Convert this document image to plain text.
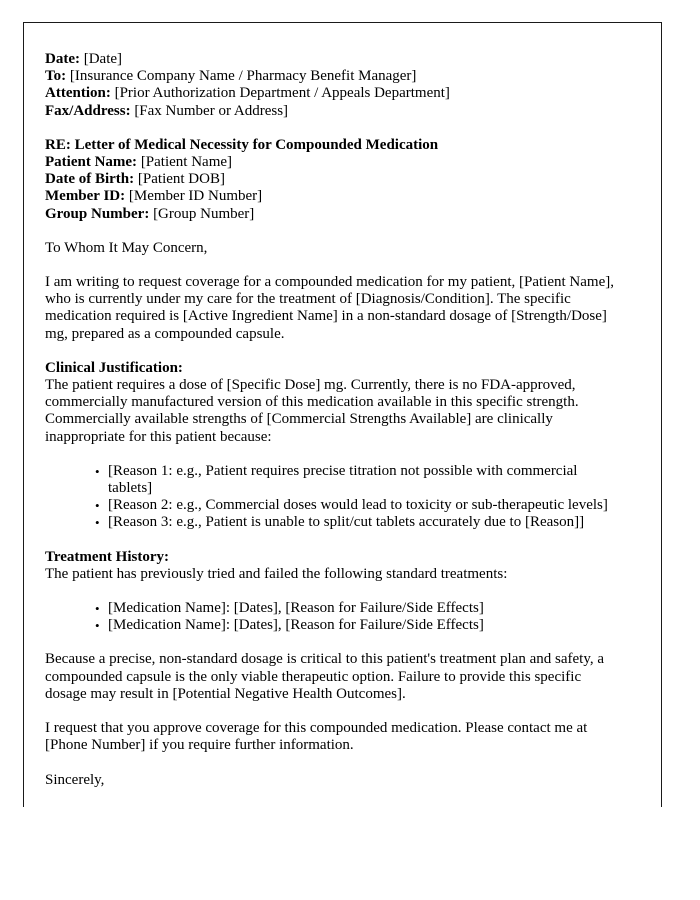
Date: [Date]
To: [Insurance Company Name / Pharmacy Benefit Manager]
Attention: [Prior Authorization Department / Appeals Department]
Fax/Address: [Fax Number or Address]
RE: Letter of Medical Necessity for Compounded Medication
Patient Name: [Patient Name]
Date of Birth: [Patient DOB]
Member ID: [Member ID Number]
Group Number: [Group Number]

To Whom It May Concern,

I am writing to request coverage for a compounded medication for my patient, [Patient Name], who is currently under my care for the treatment of [Diagnosis/Condition]. The specific medication required is [Active Ingredient Name] in a non-standard dosage of [Strength/Dose] mg, prepared as a compounded capsule.

Clinical Justification:

The patient requires a dose of [Specific Dose] mg. Currently, there is no FDA-approved, commercially manufactured version of this medication available in this specific strength. Commercially available strengths of [Commercial Strengths Available] are clinically inappropriate for this patient because:

• [Reason 1: e.g., Patient requires precise titration not possible with commercial tablets]
• [Reason 2: e.g., Commercial doses would lead to toxicity or sub-therapeutic levels]
• [Reason 3: e.g., Patient is unable to split/cut tablets accurately due to [Reason]]
Treatment History:

The patient has previously tried and failed the following standard treatments:

• [Medication Name]: [Dates], [Reason for Failure/Side Effects]
• [Medication Name]: [Dates], [Reason for Failure/Side Effects]

Because a precise, non-standard dosage is critical to this patient's treatment plan and safety, a compounded capsule is the only viable therapeutic option. Failure to provide this specific dosage may result in [Potential Negative Health Outcomes].

I request that you approve coverage for this compounded medication. Please contact me at [Phone Number] if you require further information.

Sincerely,
